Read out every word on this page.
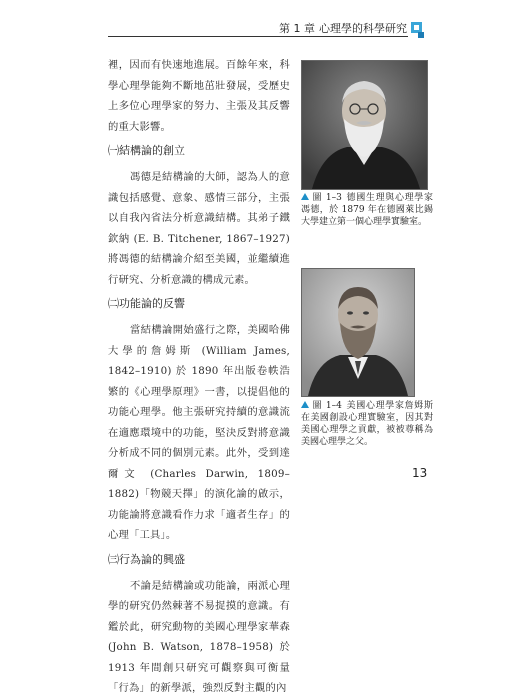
第 1 章 心理學的科學研究

裡，因而有快速地進展。百餘年來，科學心理學能夠不斷地茁壯發展，受歷史上多位心理學家的努力、主張及其反響的重大影響。

㈠結構論的創立

馮德是結構論的大師，認為人的意識包括感覺、意象、感情三部分，主張以自我內省法分析意識結構。其弟子鐵欽納 (E. B. Titchener, 1867–1927) 將馮德的結構論介紹至美國，並繼續進行研究、分析意識的構成元素。

㈡功能論的反響

當結構論開始盛行之際，美國哈佛大學的詹姆斯 (William James, 1842–1910) 於 1890 年出版卷帙浩繁的《心理學原理》一書，以提倡他的功能心理學。他主張研究持續的意識流在適應環境中的功能，堅決反對將意識分析成不同的個別元素。此外，受到達爾文 (Charles Darwin, 1809–1882)「物競天擇」的演化論的啟示，功能論將意識看作力求「適者生存」的心理「工具」。

㈢行為論的興盛

不論是結構論或功能論，兩派心理學的研究仍然棘著不易捉摸的意識。有鑑於此，研究動物的美國心理學家華森 (John B. Watson, 1878–1958) 於 1913 年間創只研究可觀察與可衡量「行為」的新學派，強烈反對主觀的內

圖 1–3 德國生理與心理學家馮德，於 1879 年在德國萊比錫大學建立第一個心理學實驗室。
圖 1–4 美國心理學家詹姆斯在美國創設心理實驗室，因其對美國心理學之貢獻，被被尊稱為美國心理學之父。
13
